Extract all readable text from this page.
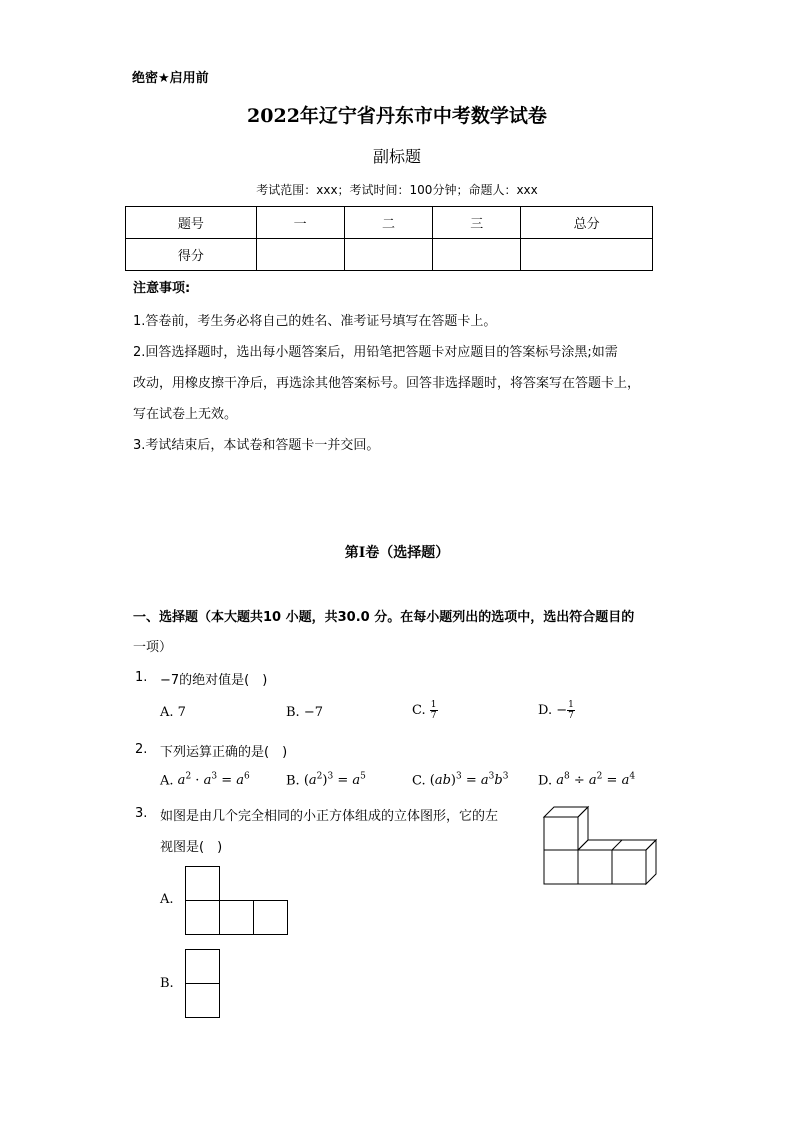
绝密★启用前
2022年辽宁省丹东市中考数学试卷
副标题
考试范围：xxx；考试时间：100分钟；命题人：xxx
题号	一	二	三	总分
得分				
注意事项:
1.答卷前，考生务必将自己的姓名、准考证号填写在答题卡上。
2.回答选择题时，选出每小题答案后，用铅笔把答题卡对应题目的答案标号涂黑;如需
改动，用橡皮擦干净后，再选涂其他答案标号。回答非选择题时，将答案写在答题卡上，
写在试卷上无效。
3.考试结束后，本试卷和答题卡一并交回。
第I卷（选择题）
一、选择题（本大题共10 小题，共30.0 分。在每小题列出的选项中，选出符合题目的
一项）
1. −7的绝对值是(　)
A. 7	B. −7	C. $\frac{1}{7}$	D. − $\frac{1}{7}$
2. 下列运算正确的是(　)
A. $a^2 \cdot a^3 = a^6$	B. $(a^2)^3 = a^5$	C. $(ab)^3 = a^3b^3$ D. $a^8 \div a^2 = a^4$
3. 如图是由几个完全相同的小正方体组成的立体图形，它的左
视图是(　)
A.
B.
